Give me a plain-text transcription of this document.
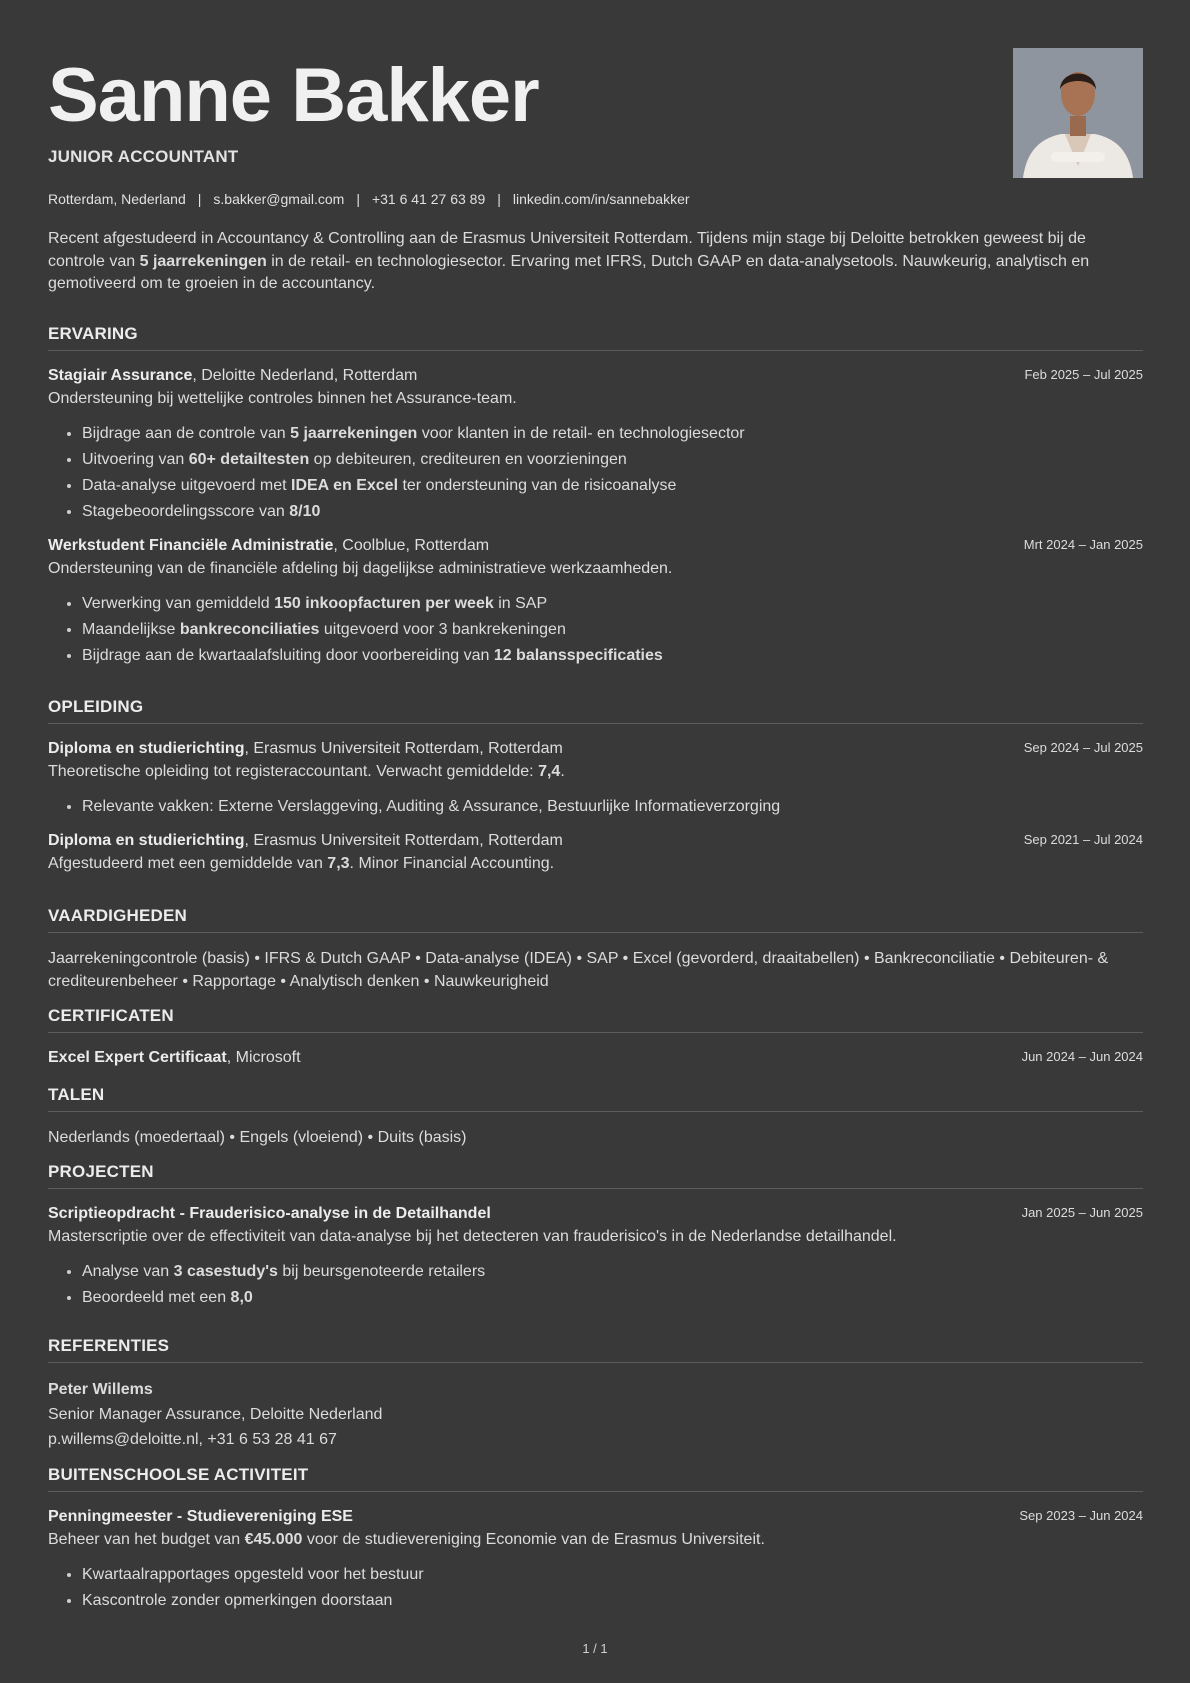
Sanne Bakker
JUNIOR ACCOUNTANT
Rotterdam, Nederland | s.bakker@gmail.com | +31 6 41 27 63 89 | linkedin.com/in/sannebakker
Recent afgestudeerd in Accountancy & Controlling aan de Erasmus Universiteit Rotterdam. Tijdens mijn stage bij Deloitte betrokken geweest bij de controle van 5 jaarrekeningen in de retail- en technologiesector. Ervaring met IFRS, Dutch GAAP en data-analysetools. Nauwkeurig, analytisch en gemotiveerd om te groeien in de accountancy.
ERVARING
Stagiair Assurance, Deloitte Nederland, Rotterdam	Feb 2025 – Jul 2025
Ondersteuning bij wettelijke controles binnen het Assurance-team.
• Bijdrage aan de controle van 5 jaarrekeningen voor klanten in de retail- en technologiesector
• Uitvoering van 60+ detailtesten op debiteuren, crediteuren en voorzieningen
• Data-analyse uitgevoerd met IDEA en Excel ter ondersteuning van de risicoanalyse
• Stagebeoordelingsscore van 8/10
Werkstudent Financiële Administratie, Coolblue, Rotterdam	Mrt 2024 – Jan 2025
Ondersteuning van de financiële afdeling bij dagelijkse administratieve werkzaamheden.
• Verwerking van gemiddeld 150 inkoopfacturen per week in SAP
• Maandelijkse bankreconciliaties uitgevoerd voor 3 bankrekeningen
• Bijdrage aan de kwartaalafsluiting door voorbereiding van 12 balansspecificaties
OPLEIDING
Diploma en studierichting, Erasmus Universiteit Rotterdam, Rotterdam	Sep 2024 – Jul 2025
Theoretische opleiding tot registeraccountant. Verwacht gemiddelde: 7,4.
• Relevante vakken: Externe Verslaggeving, Auditing & Assurance, Bestuurlijke Informatieverzorging
Diploma en studierichting, Erasmus Universiteit Rotterdam, Rotterdam	Sep 2021 – Jul 2024
Afgestudeerd met een gemiddelde van 7,3. Minor Financial Accounting.
VAARDIGHEDEN
Jaarrekeningcontrole (basis) • IFRS & Dutch GAAP • Data-analyse (IDEA) • SAP • Excel (gevorderd, draaitabellen) • Bankreconciliatie • Debiteuren- & crediteurenbeheer • Rapportage • Analytisch denken • Nauwkeurigheid
CERTIFICATEN
Excel Expert Certificaat, Microsoft	Jun 2024 – Jun 2024
TALEN
Nederlands (moedertaal) • Engels (vloeiend) • Duits (basis)
PROJECTEN
Scriptieopdracht - Frauderisico-analyse in de Detailhandel	Jan 2025 – Jun 2025
Masterscriptie over de effectiviteit van data-analyse bij het detecteren van frauderisico's in de Nederlandse detailhandel.
• Analyse van 3 casestudy's bij beursgenoteerde retailers
• Beoordeeld met een 8,0
REFERENTIES
Peter Willems
Senior Manager Assurance, Deloitte Nederland
p.willems@deloitte.nl, +31 6 53 28 41 67
BUITENSCHOOLSE ACTIVITEIT
Penningmeester - Studievereniging ESE	Sep 2023 – Jun 2024
Beheer van het budget van €45.000 voor de studievereniging Economie van de Erasmus Universiteit.
• Kwartaalrapportages opgesteld voor het bestuur
• Kascontrole zonder opmerkingen doorstaan
1 / 1
